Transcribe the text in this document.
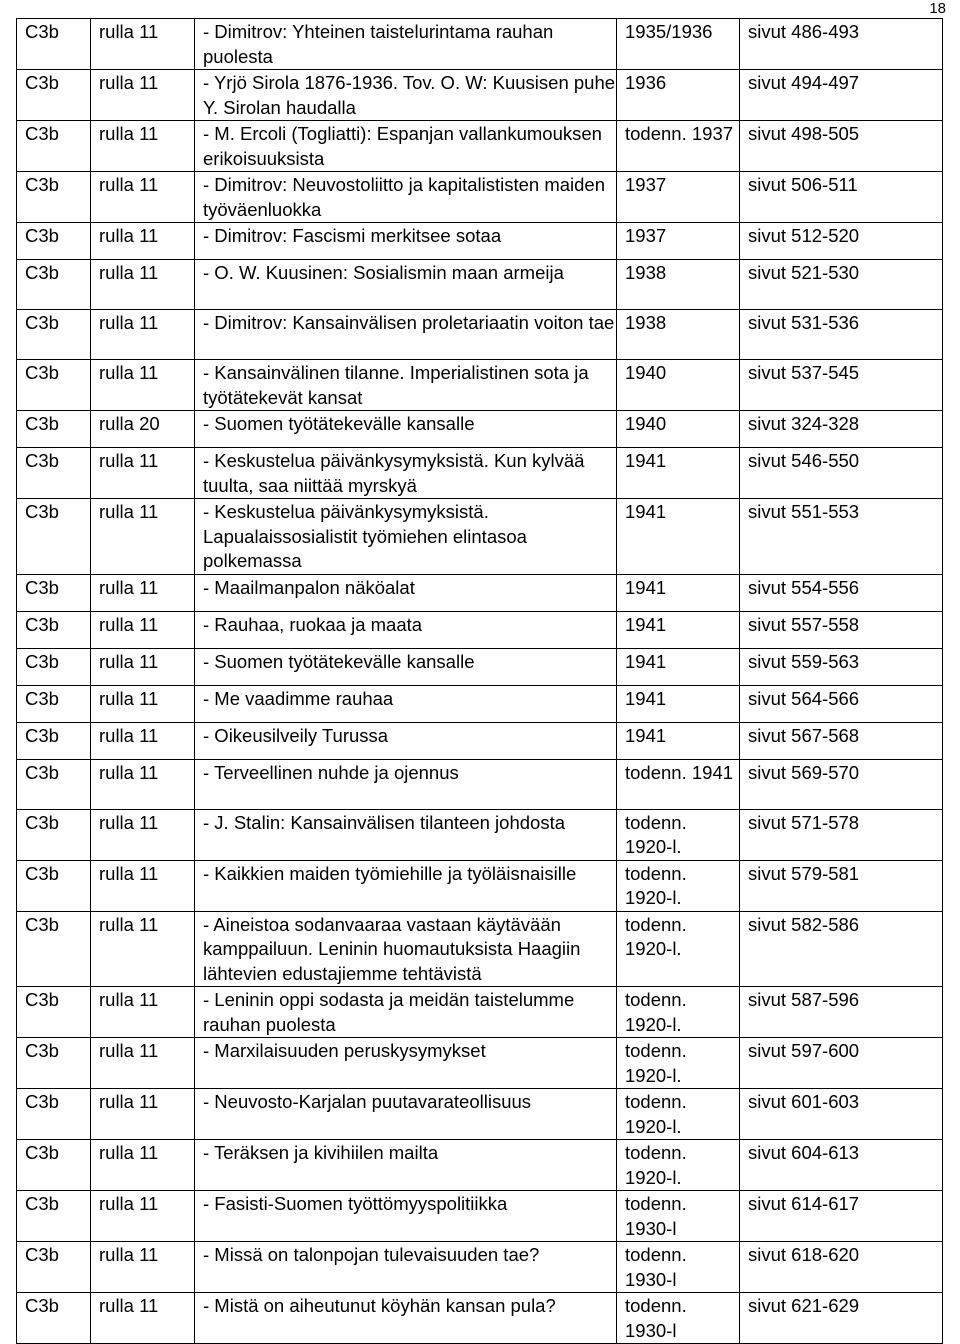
18
C3b	rulla 11	- Dimitrov: Yhteinen taistelurintama rauhan puolesta	1935/1936	sivut 486-493
C3b	rulla 11	- Yrjö Sirola 1876-1936. Tov. O. W: Kuusisen puhe Y. Sirolan haudalla	1936	sivut 494-497
C3b	rulla 11	- M. Ercoli (Togliatti): Espanjan vallankumouksen erikoisuuksista	todenn. 1937	sivut 498-505
C3b	rulla 11	- Dimitrov: Neuvostoliitto ja kapitalististen maiden työväenluokka	1937	sivut 506-511
C3b	rulla 11	- Dimitrov: Fascismi merkitsee sotaa	1937	sivut 512-520
C3b	rulla 11	- O. W. Kuusinen: Sosialismin maan armeija	1938	sivut 521-530
C3b	rulla 11	- Dimitrov: Kansainvälisen proletariaatin voiton tae	1938	sivut 531-536
C3b	rulla 11	- Kansainvälinen tilanne. Imperialistinen sota ja työtätekevät kansat	1940	sivut 537-545
C3b	rulla 20	- Suomen työtätekevälle kansalle	1940	sivut 324-328
C3b	rulla 11	- Keskustelua päivänkysymyksistä. Kun kylvää tuulta, saa niittää myrskyä	1941	sivut 546-550
C3b	rulla 11	- Keskustelua päivänkysymyksistä. Lapualaissosialistit työmiehen elintasoa polkemassa	1941	sivut 551-553
C3b	rulla 11	- Maailmanpalon näköalat	1941	sivut 554-556
C3b	rulla 11	- Rauhaa, ruokaa ja maata	1941	sivut 557-558
C3b	rulla 11	- Suomen työtätekevälle kansalle	1941	sivut 559-563
C3b	rulla 11	- Me vaadimme rauhaa	1941	sivut 564-566
C3b	rulla 11	- Oikeusilveily Turussa	1941	sivut 567-568
C3b	rulla 11	- Terveellinen nuhde ja ojennus	todenn. 1941	sivut 569-570
C3b	rulla 11	- J. Stalin: Kansainvälisen tilanteen johdosta	todenn. 1920-l.	sivut 571-578
C3b	rulla 11	- Kaikkien maiden työmiehille ja työläisnaisille	todenn. 1920-l.	sivut 579-581
C3b	rulla 11	- Aineistoa sodanvaaraa vastaan käytävään kamppailuun. Leninin huomautuksista Haagiin lähtevien edustajiemme tehtävistä	todenn. 1920-l.	sivut 582-586
C3b	rulla 11	- Leninin oppi sodasta ja meidän taistelumme rauhan puolesta	todenn. 1920-l.	sivut 587-596
C3b	rulla 11	- Marxilaisuuden peruskysymykset	todenn. 1920-l.	sivut 597-600
C3b	rulla 11	- Neuvosto-Karjalan puutavarateollisuus	todenn. 1920-l.	sivut 601-603
C3b	rulla 11	- Teräksen ja kivihiilen mailta	todenn. 1920-l.	sivut 604-613
C3b	rulla 11	- Fasisti-Suomen työttömyyspolitiikka	todenn. 1930-l	sivut 614-617
C3b	rulla 11	- Missä on talonpojan tulevaisuuden tae?	todenn. 1930-l	sivut 618-620
C3b	rulla 11	- Mistä on aiheutunut köyhän kansan pula?	todenn. 1930-l	sivut 621-629
